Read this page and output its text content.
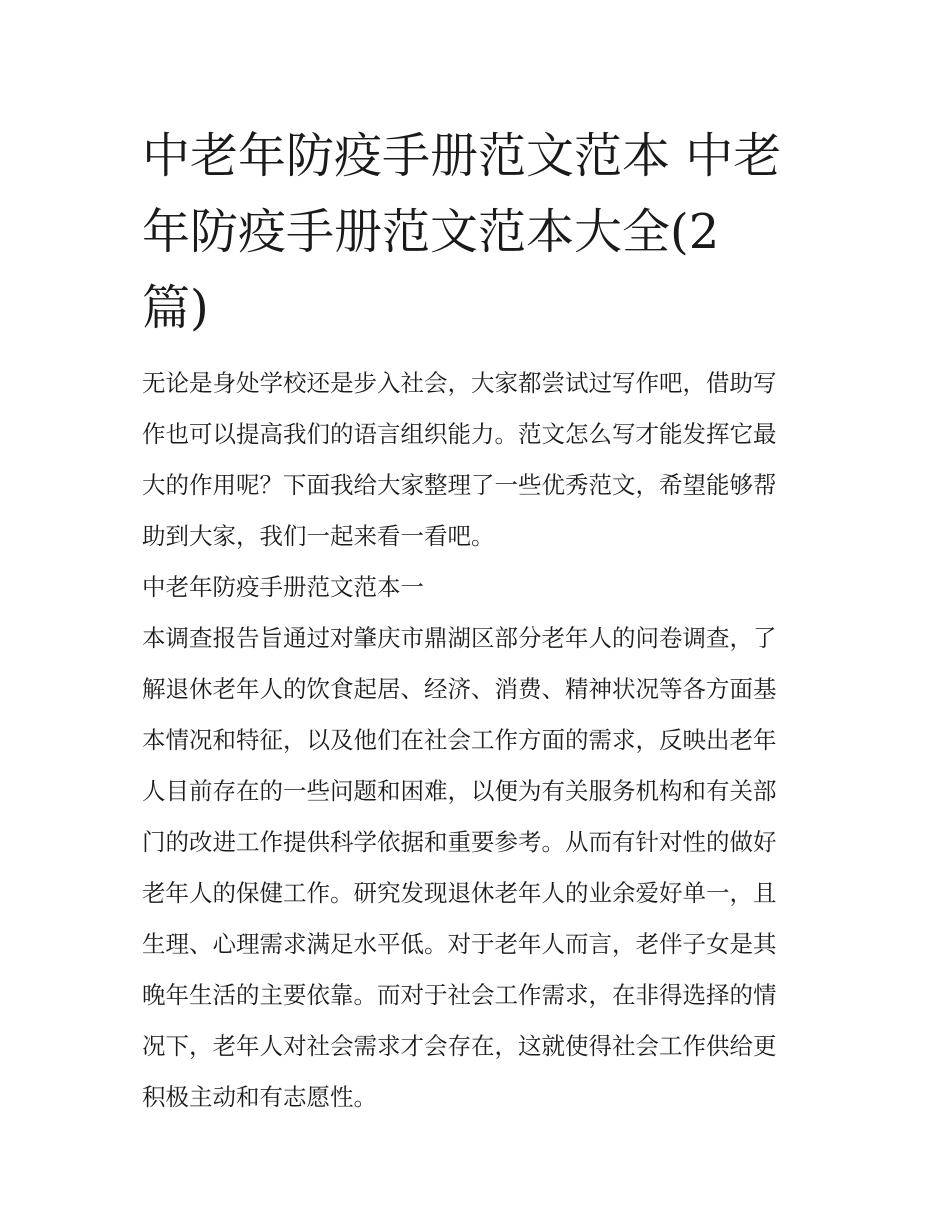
中老年防疫手册范文范本 中老
年防疫手册范文范本大全(2
篇)
无论是身处学校还是步入社会，大家都尝试过写作吧，借助写
作也可以提高我们的语言组织能力。范文怎么写才能发挥它最
大的作用呢？下面我给大家整理了一些优秀范文，希望能够帮
助到大家，我们一起来看一看吧。

中老年防疫手册范文范本一

本调查报告旨通过对肇庆市鼎湖区部分老年人的问卷调查，了
解退休老年人的饮食起居、经济、消费、精神状况等各方面基
本情况和特征，以及他们在社会工作方面的需求，反映出老年
人目前存在的一些问题和困难，以便为有关服务机构和有关部
门的改进工作提供科学依据和重要参考。从而有针对性的做好
老年人的保健工作。研究发现退休老年人的业余爱好单一，且
生理、心理需求满足水平低。对于老年人而言，老伴子女是其
晚年生活的主要依靠。而对于社会工作需求，在非得选择的情
况下，老年人对社会需求才会存在，这就使得社会工作供给更
积极主动和有志愿性。
